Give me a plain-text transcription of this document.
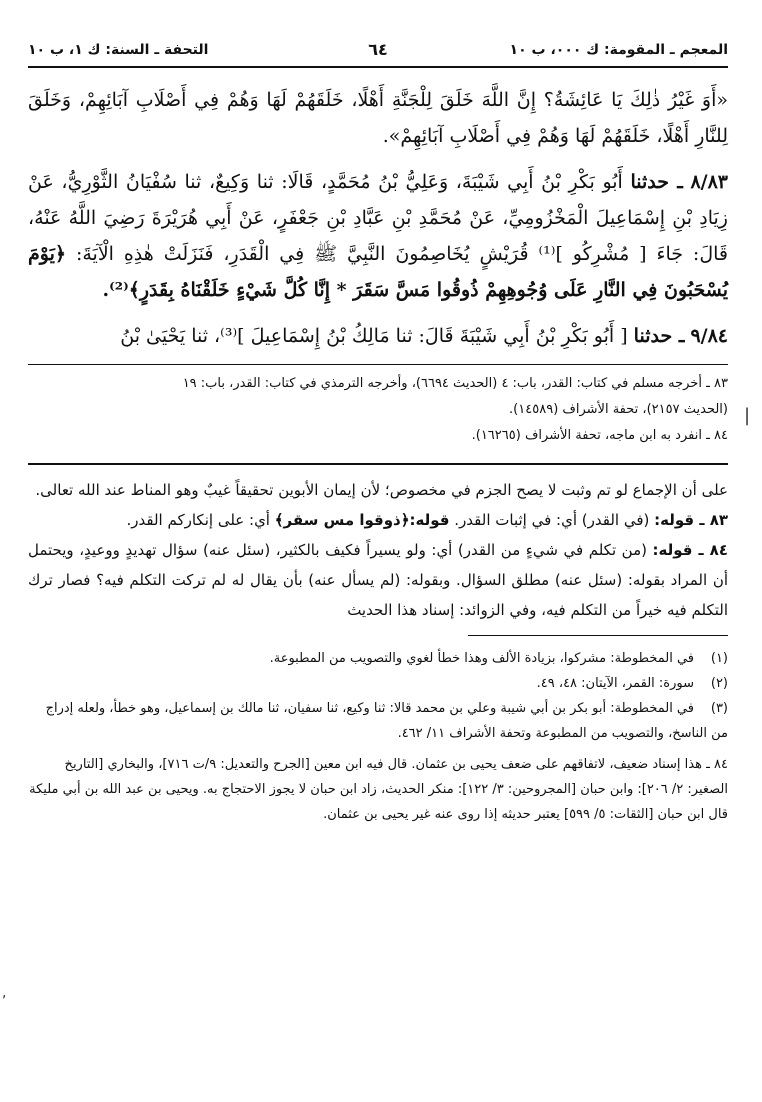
المعجم ـ المقومة: ك ٠٠٠، ب ١٠
٦٤
التحفة ـ السنة: ك ١، ب ١٠

«أَوَ غَيْرُ ذٰلِكَ يَا عَائِشَةُ؟ إِنَّ اللَّهَ خَلَقَ لِلْجَنَّةِ أَهْلًا، خَلَقَهُمْ لَهَا وَهُمْ فِي أَصْلَابِ آبَائِهِمْ، وَخَلَقَ لِلنَّارِ أَهْلًا، خَلَقَهُمْ لَهَا وَهُمْ فِي أَصْلَابِ آبَائِهِمْ».

٨/٨٣ ـ حدثنا أَبُو بَكْرِ بْنُ أَبِي شَيْبَةَ، وَعَلِيُّ بْنُ مُحَمَّدٍ، قَالَا: ثنا وَكِيعٌ، ثنا سُفْيَانُ الثَّوْرِيُّ، عَنْ زِيَادِ بْنِ إِسْمَاعِيلَ الْمَخْزُومِيِّ، عَنْ مُحَمَّدِ بْنِ عَبَّادِ بْنِ جَعْفَرٍ، عَنْ أَبِي هُرَيْرَةَ رَضِيَ اللَّهُ عَنْهُ، قَالَ: جَاءَ [ مُشْرِكُو ]⁽¹⁾ قُرَيْشٍ يُخَاصِمُونَ النَّبِيَّ ﷺ فِي الْقَدَرِ، فَنَزَلَتْ هٰذِهِ الْآيَةَ: ﴿يَوْمَ يُسْحَبُونَ فِي النَّارِ عَلَى وُجُوهِهِمْ ذُوقُوا مَسَّ سَقَرَ * إِنَّا كُلَّ شَيْءٍ خَلَقْنَاهُ بِقَدَرٍ﴾⁽²⁾.

٩/٨٤ ـ حدثنا [ أَبُو بَكْرِ بْنُ أَبِي شَيْبَةَ قَالَ: ثنا مَالِكُ بْنُ إِسْمَاعِيلَ ]⁽³⁾، ثنا يَحْيَىٰ بْنُ

٨٣ ـ أخرجه مسلم في كتاب: القدر، باب: ٤ (الحديث ٦٦٩٤)، وأخرجه الترمذي في كتاب: القدر، باب: ١٩

(الحديث ٢١٥٧)، تحفة الأشراف (١٤٥٨٩).

٨٤ ـ انفرد به ابن ماجه، تحفة الأشراف (١٦٢٦٥).

على أن الإجماع لو تم وثبت لا يصح الجزم في مخصوص؛ لأن إيمان الأبوين تحقيقاً غيبٌ وهو المناط عند الله تعالى.

٨٣ ـ قوله: (في القدر) أي: في إثبات القدر. قوله:﴿ذوقوا مس سقر﴾ أي: على إنكاركم القدر.

٨٤ ـ قوله: (من تكلم في شيءٍ من القدر) أي: ولو يسيراً فكيف بالكثير، (سئل عنه) سؤال تهديدٍ ووعيدٍ، ويحتمل أن المراد بقوله: (سئل عنه) مطلق السؤال. وبقوله: (لم يسأل عنه) بأن يقال له لم تركت التكلم فيه؟ فصار ترك التكلم فيه خيراً من التكلم فيه، وفي الزوائد: إسناد هذا الحديث

(١)في المخطوطة: مشركوا، بزيادة الألف وهذا خطأ لغوي والتصويب من المطبوعة.

(٢)سورة: القمر، الآيتان: ٤٨، ٤٩.

(٣)في المخطوطة: أبو بكر بن أبي شيبة وعلي بن محمد قالا: ثنا وكيع، ثنا سفيان، ثنا مالك بن إسماعيل، وهو خطأ، ولعله إدراج من الناسخ، والتصويب من المطبوعة وتحفة الأشراف ١١/ ٤٦٢.

٨٤ ـ هذا إسناد ضعيف، لاتفاقهم على ضعف يحيى بن عثمان. قال فيه ابن معين [الجرح والتعديل: ٩/ت ٧١٦]، والبخاري [التاريخ الصغير: ٢/ ٢٠٦]: وابن حبان [المجروحين: ٣/ ١٢٢]: منكر الحديث، زاد ابن حبان لا يجوز الاحتجاج به. ويحيى بن عبد الله بن أبي مليكة قال ابن حبان [الثقات: ٥/ ٥٩٩] يعتبر حديثه إذا روى عنه غير يحيى بن عثمان.

|
,
